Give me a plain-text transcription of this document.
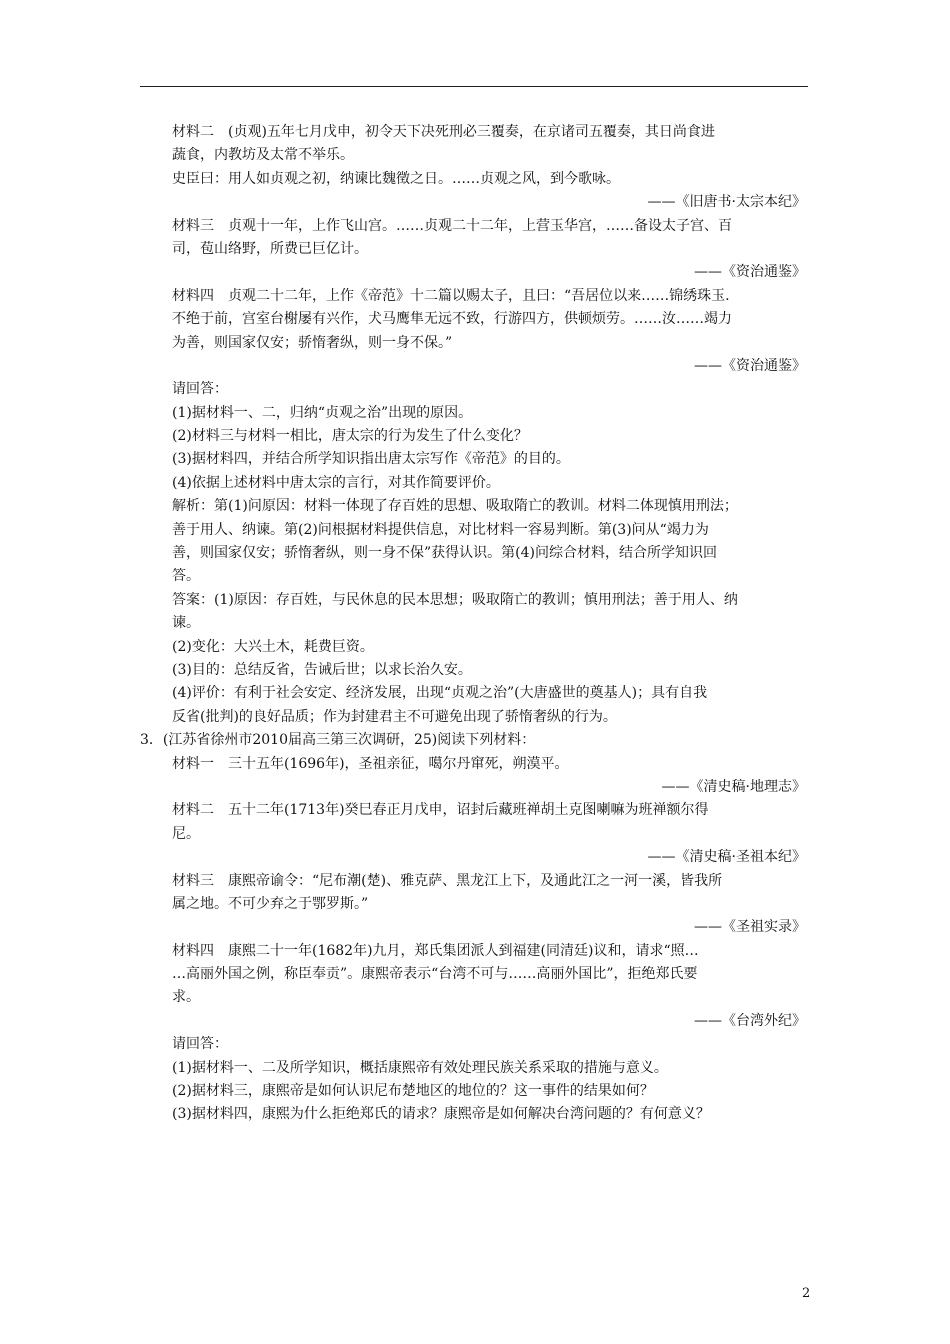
材料二　(贞观)五年七月戊申，初令天下决死刑必三覆奏，在京诸司五覆奏，其日尚食进
蔬食，内教坊及太常不举乐。
史臣曰：用人如贞观之初，纳谏比魏徵之日。……贞观之风，到今歌咏。
——《旧唐书·太宗本纪》
材料三　贞观十一年，上作飞山宫。……贞观二十二年，上营玉华宫，……备设太子宫、百
司，苞山络野，所费已巨亿计。
——《资治通鉴》
材料四　贞观二十二年，上作《帝范》十二篇以赐太子，且曰：“吾居位以来……锦绣珠玉.
不绝于前，宫室台榭屡有兴作，犬马鹰隼无远不致，行游四方，供顿烦劳。……汝……竭力
为善，则国家仅安；骄惰奢纵，则一身不保。”
——《资治通鉴》
请回答：
(1)据材料一、二，归纳“贞观之治”出现的原因。
(2)材料三与材料一相比，唐太宗的行为发生了什么变化？
(3)据材料四，并结合所学知识指出唐太宗写作《帝范》的目的。
(4)依据上述材料中唐太宗的言行，对其作简要评价。
解析：第(1)问原因：材料一体现了存百姓的思想、吸取隋亡的教训。材料二体现慎用刑法；
善于用人、纳谏。第(2)问根据材料提供信息，对比材料一容易判断。第(3)问从“竭力为
善，则国家仅安；骄惰奢纵，则一身不保”获得认识。第(4)问综合材料，结合所学知识回
答。
答案：(1)原因：存百姓，与民休息的民本思想；吸取隋亡的教训；慎用刑法；善于用人、纳
谏。
(2)变化：大兴土木，耗费巨资。
(3)目的：总结反省，告诫后世；以求长治久安。
(4)评价：有利于社会安定、经济发展，出现“贞观之治”(大唐盛世的奠基人)；具有自我
反省(批判)的良好品质；作为封建君主不可避免出现了骄惰奢纵的行为。
3．(江苏省徐州市2010届高三第三次调研，25)阅读下列材料：
材料一　三十五年(1696年)，圣祖亲征，噶尔丹窜死，朔漠平。
——《清史稿·地理志》
材料二　五十二年(1713年)癸巳春正月戊申，诏封后藏班禅胡土克图喇嘛为班禅额尔得
尼。
——《清史稿·圣祖本纪》
材料三　康熙帝谕令：“尼布潮(楚)、雅克萨、黑龙江上下，及通此江之一河一溪，皆我所
属之地。不可少弃之于鄂罗斯。”
——《圣祖实录》
材料四　康熙二十一年(1682年)九月，郑氏集团派人到福建(同清廷)议和，请求“照…
…高丽外国之例，称臣奉贡”。康熙帝表示“台湾不可与……高丽外国比”，拒绝郑氏要
求。
——《台湾外纪》
请回答：
(1)据材料一、二及所学知识，概括康熙帝有效处理民族关系采取的措施与意义。
(2)据材料三，康熙帝是如何认识尼布楚地区的地位的？这一事件的结果如何？
(3)据材料四，康熙为什么拒绝郑氏的请求？康熙帝是如何解决台湾问题的？有何意义？
2
